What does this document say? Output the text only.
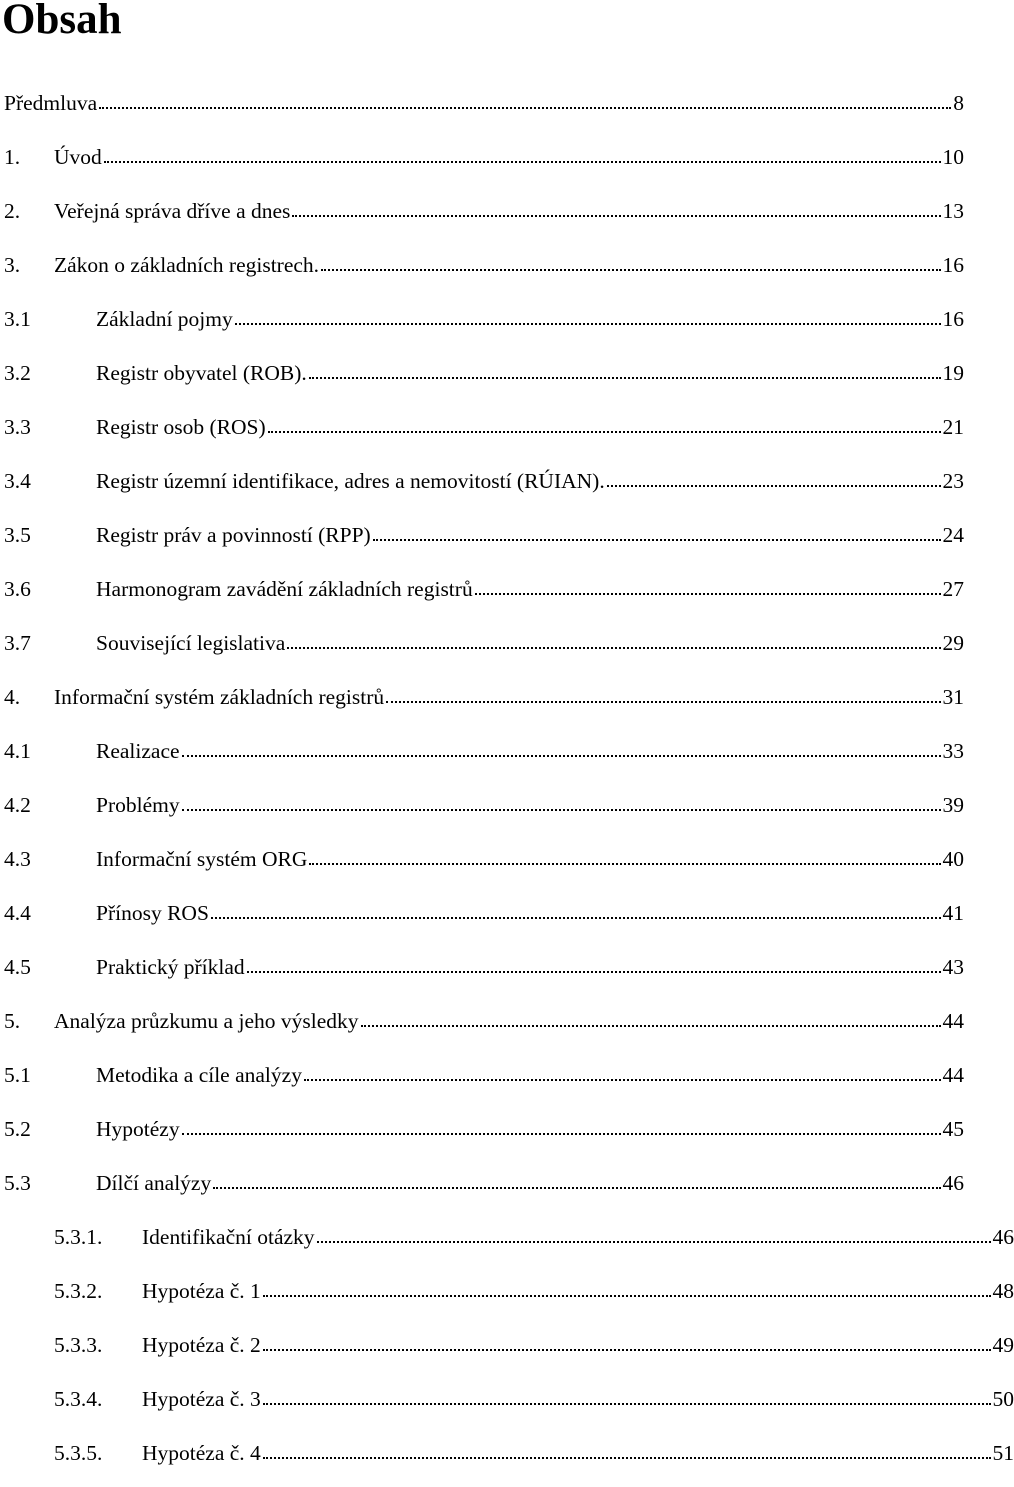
Obsah
Předmluva	8
1.	Úvod	10
2.	Veřejná správa dříve a dnes	13
3.	Zákon o základních registrech.	16
3.1	Základní pojmy	16
3.2	Registr obyvatel (ROB).	19
3.3	Registr osob (ROS)	21
3.4	Registr územní identifikace, adres a nemovitostí (RÚIAN).	23
3.5	Registr práv a povinností (RPP)	24
3.6	Harmonogram zavádění základních registrů	27
3.7	Související legislativa	29
4.	Informační systém základních registrů	31
4.1	Realizace	33
4.2	Problémy	39
4.3	Informační systém ORG	40
4.4	Přínosy ROS	41
4.5	Praktický příklad	43
5.	Analýza průzkumu a jeho výsledky	44
5.1	Metodika a cíle analýzy	44
5.2	Hypotézy	45
5.3	Dílčí analýzy	46
5.3.1.	Identifikační otázky	46
5.3.2.	Hypotéza č. 1	48
5.3.3.	Hypotéza č. 2	49
5.3.4.	Hypotéza č. 3	50
5.3.5.	Hypotéza č. 4	51
